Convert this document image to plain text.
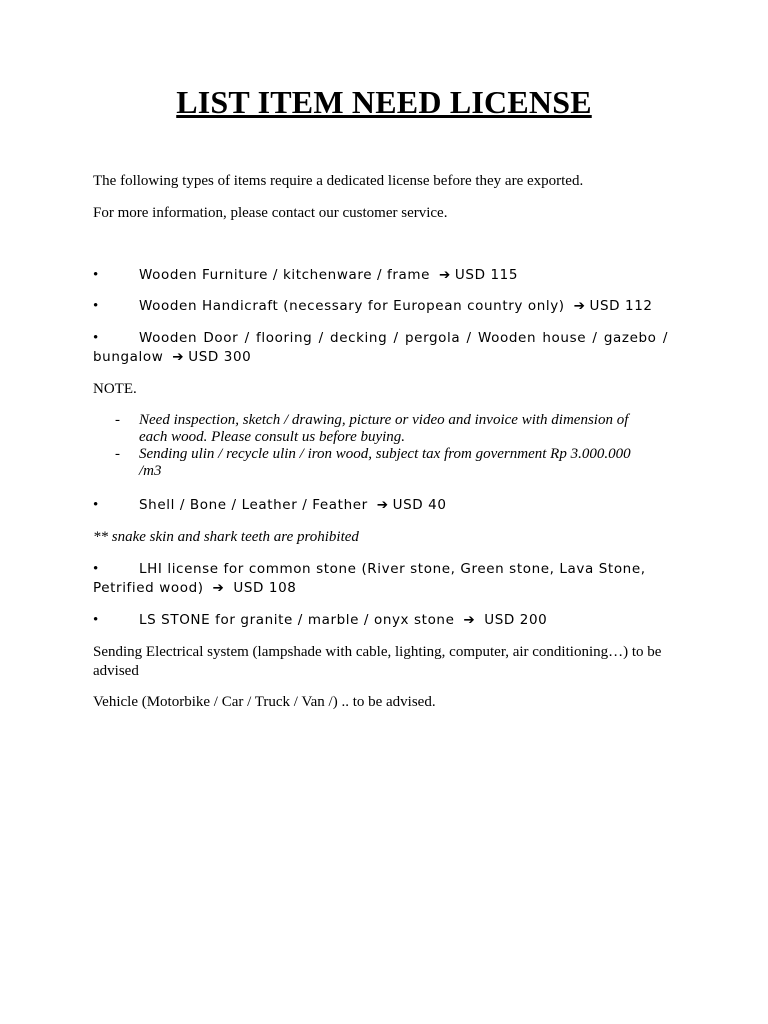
LIST ITEM NEED LICENSE
The following types of items require a dedicated license before they are exported.
For more information, please contact our customer service.
•	Wooden Furniture / kitchenware / frame ➔ USD 115
•	Wooden Handicraft (necessary for European country only) ➔ USD 112
•	Wooden Door / flooring / decking / pergola / Wooden house / gazebo / bungalow ➔ USD 300
NOTE.
- Need inspection, sketch / drawing, picture or video and invoice with dimension of each wood. Please consult us before buying.
- Sending ulin / recycle ulin / iron wood, subject tax from government Rp 3.000.000 /m3
•	Shell / Bone / Leather / Feather ➔ USD 40
** snake skin and shark teeth are prohibited
•	LHI license for common stone (River stone, Green stone, Lava Stone, Petrified wood) ➔ USD 108
•	LS STONE for granite / marble / onyx stone ➔ USD 200
Sending Electrical system (lampshade with cable, lighting, computer, air conditioning…) to be advised
Vehicle (Motorbike / Car / Truck / Van /) .. to be advised.
